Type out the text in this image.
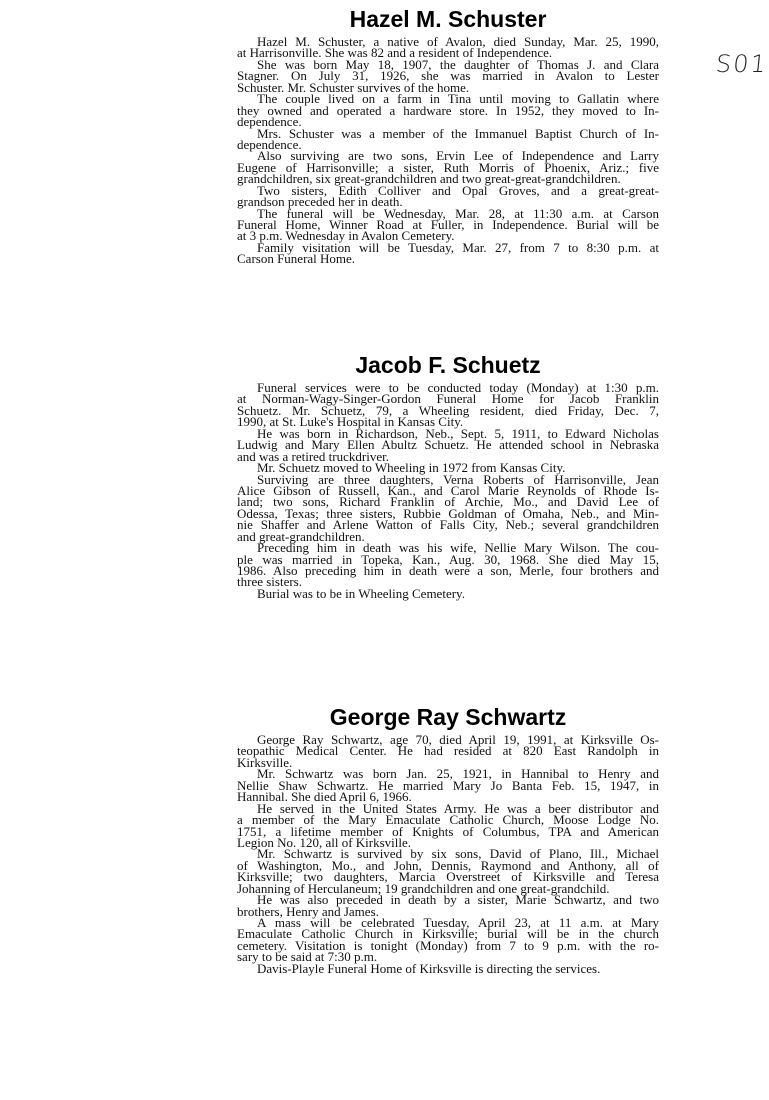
S01
Hazel M. Schuster
Hazel M. Schuster, a native of Avalon, died Sunday, Mar. 25, 1990,
at Harrisonville. She was 82 and a resident of Independence.
She was born May 18, 1907, the daughter of Thomas J. and Clara
Stagner. On July 31, 1926, she was married in Avalon to Lester
Schuster. Mr. Schuster survives of the home.
The couple lived on a farm in Tina until moving to Gallatin where
they owned and operated a hardware store. In 1952, they moved to In-
dependence.
Mrs. Schuster was a member of the Immanuel Baptist Church of In-
dependence.
Also surviving are two sons, Ervin Lee of Independence and Larry
Eugene of Harrisonville; a sister, Ruth Morris of Phoenix, Ariz.; five
grandchildren, six great-grandchildren and two great-great-grandchildren.
Two sisters, Edith Colliver and Opal Groves, and a great-great-
grandson preceded her in death.
The funeral will be Wednesday, Mar. 28, at 11:30 a.m. at Carson
Funeral Home, Winner Road at Fuller, in Independence. Burial will be
at 3 p.m. Wednesday in Avalon Cemetery.
Family visitation will be Tuesday, Mar. 27, from 7 to 8:30 p.m. at
Carson Funeral Home.
Jacob F. Schuetz
Funeral services were to be conducted today (Monday) at 1:30 p.m.
at Norman-Wagy-Singer-Gordon Funeral Home for Jacob Franklin
Schuetz. Mr. Schuetz, 79, a Wheeling resident, died Friday, Dec. 7,
1990, at St. Luke's Hospital in Kansas City.
He was born in Richardson, Neb., Sept. 5, 1911, to Edward Nicholas
Ludwig and Mary Ellen Abultz Schuetz. He attended school in Nebraska
and was a retired truckdriver.
Mr. Schuetz moved to Wheeling in 1972 from Kansas City.
Surviving are three daughters, Verna Roberts of Harrisonville, Jean
Alice Gibson of Russell, Kan., and Carol Marie Reynolds of Rhode Is-
land; two sons, Richard Franklin of Archie, Mo., and David Lee of
Odessa, Texas; three sisters, Rubbie Goldman of Omaha, Neb., and Min-
nie Shaffer and Arlene Watton of Falls City, Neb.; several grandchildren
and great-grandchildren.
Preceding him in death was his wife, Nellie Mary Wilson. The cou-
ple was married in Topeka, Kan., Aug. 30, 1968. She died May 15,
1986. Also preceding him in death were a son, Merle, four brothers and
three sisters.
Burial was to be in Wheeling Cemetery.
George Ray Schwartz
George Ray Schwartz, age 70, died April 19, 1991, at Kirksville Os-
teopathic Medical Center. He had resided at 820 East Randolph in
Kirksville.
Mr. Schwartz was born Jan. 25, 1921, in Hannibal to Henry and
Nellie Shaw Schwartz. He married Mary Jo Banta Feb. 15, 1947, in
Hannibal. She died April 6, 1966.
He served in the United States Army. He was a beer distributor and
a member of the Mary Emaculate Catholic Church, Moose Lodge No.
1751, a lifetime member of Knights of Columbus, TPA and American
Legion No. 120, all of Kirksville.
Mr. Schwartz is survived by six sons, David of Plano, Ill., Michael
of Washington, Mo., and John, Dennis, Raymond and Anthony, all of
Kirksville; two daughters, Marcia Overstreet of Kirksville and Teresa
Johanning of Herculaneum; 19 grandchildren and one great-grandchild.
He was also preceded in death by a sister, Marie Schwartz, and two
brothers, Henry and James.
A mass will be celebrated Tuesday, April 23, at 11 a.m. at Mary
Emaculate Catholic Church in Kirksville; burial will be in the church
cemetery. Visitation is tonight (Monday) from 7 to 9 p.m. with the ro-
sary to be said at 7:30 p.m.
Davis-Playle Funeral Home of Kirksville is directing the services.
